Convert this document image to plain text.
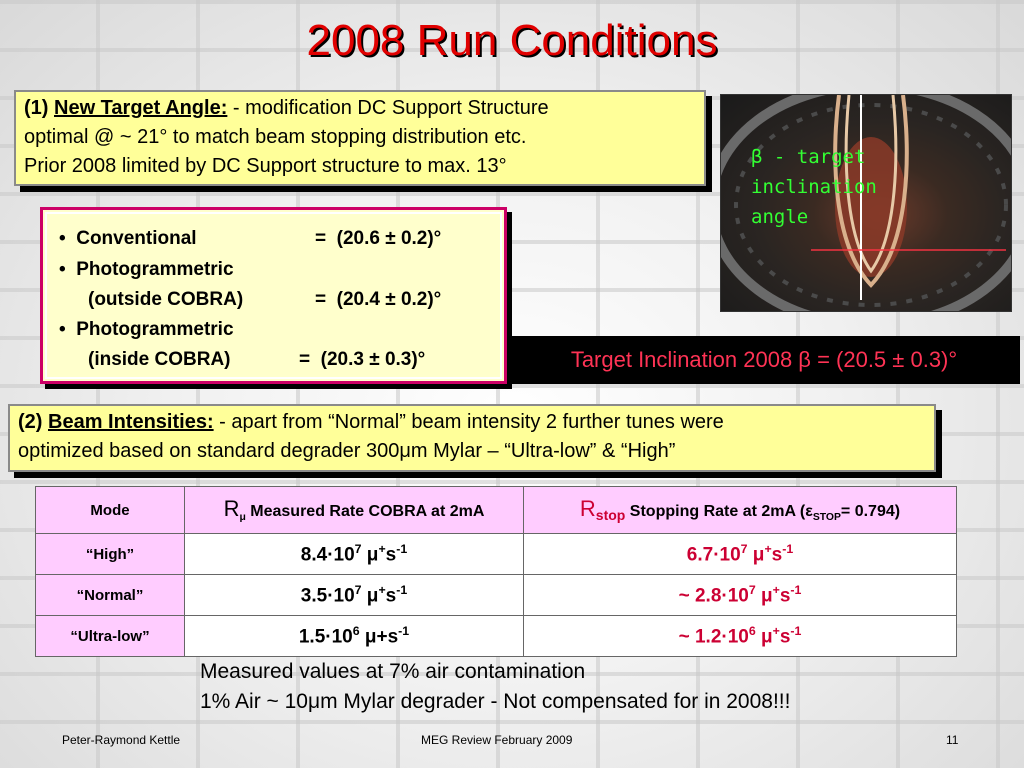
2008 Run Conditions
(1) New Target Angle: - modification DC Support Structure
optimal @ ~ 21° to match beam stopping distribution etc.
Prior 2008 limited by DC Support structure to max. 13°
• Conventional	=  (20.6 ± 0.2)°
• Photogrammetric
(outside COBRA)	=  (20.4 ± 0.2)°
• Photogrammetric
(inside COBRA)	=  (20.3 ± 0.3)°
β - target
inclination
angle
Target Inclination 2008 β = (20.5 ± 0.3)°
(2) Beam Intensities: - apart from “Normal” beam intensity 2 further tunes were
optimized based on standard degrader 300μm Mylar – “Ultra-low” & “High”
Mode	$R_\mu$ Measured Rate COBRA at 2mA	$R_{stop}$ Stopping Rate at 2mA $(\varepsilon_{STOP}= 0.794)$
“High”	$8.4\cdot 10^7$ $\mu^+s^{-1}$	$6.7\cdot 10^7$ $\mu^+s^{-1}$
“Normal”	$3.5\cdot 10^7$ $\mu^+s^{-1}$	~ $2.8\cdot 10^7$ $\mu^+s^{-1}$
“Ultra-low”	$1.5\cdot 10^6$ $\mu+s^{-1}$	~ $1.2\cdot 10^6$ $\mu^+s^{-1}$
Measured values at 7% air contamination
1% Air ~ 10μm Mylar degrader - Not compensated for in 2008!!!
Peter-Raymond Kettle	MEG Review February 2009	11
